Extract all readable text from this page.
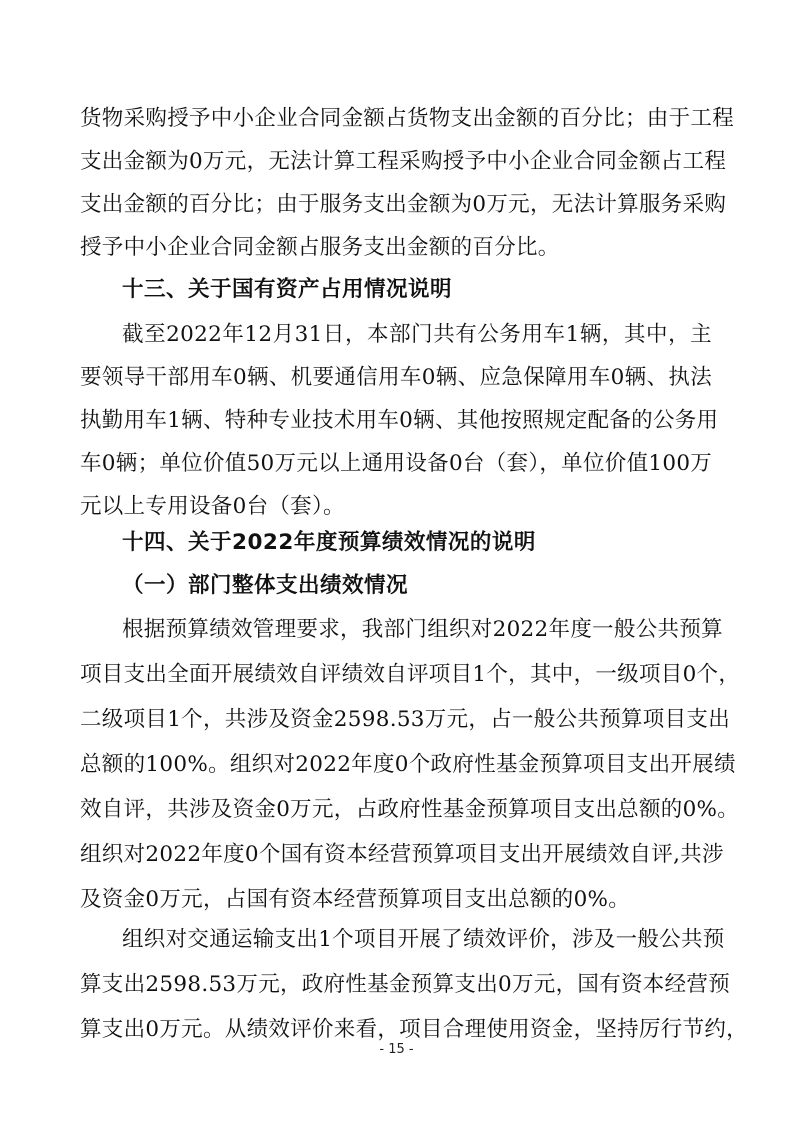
货物采购授予中小企业合同金额占货物支出金额的百分比；由于工程
支出金额为0万元，无法计算工程采购授予中小企业合同金额占工程
支出金额的百分比；由于服务支出金额为0万元，无法计算服务采购
授予中小企业合同金额占服务支出金额的百分比。
十三、关于国有资产占用情况说明
截至2022年12月31日，本部门共有公务用车1辆，其中，主
要领导干部用车0辆、机要通信用车0辆、应急保障用车0辆、执法
执勤用车1辆、特种专业技术用车0辆、其他按照规定配备的公务用
车0辆；单位价值50万元以上通用设备0台（套），单位价值100万
元以上专用设备0台（套）。
十四、关于2022年度预算绩效情况的说明
（一）部门整体支出绩效情况
根据预算绩效管理要求，我部门组织对2022年度一般公共预算
项目支出全面开展绩效自评绩效自评项目1个，其中，一级项目0个，
二级项目1个，共涉及资金2598.53万元，占一般公共预算项目支出
总额的100%。组织对2022年度0个政府性基金预算项目支出开展绩
效自评，共涉及资金0万元，占政府性基金预算项目支出总额的0%。
组织对2022年度0个国有资本经营预算项目支出开展绩效自评,共涉
及资金0万元，占国有资本经营预算项目支出总额的0%。
组织对交通运输支出1个项目开展了绩效评价，涉及一般公共预
算支出2598.53万元，政府性基金预算支出0万元，国有资本经营预
算支出0万元。从绩效评价来看，项目合理使用资金，坚持厉行节约，
- 15 -
